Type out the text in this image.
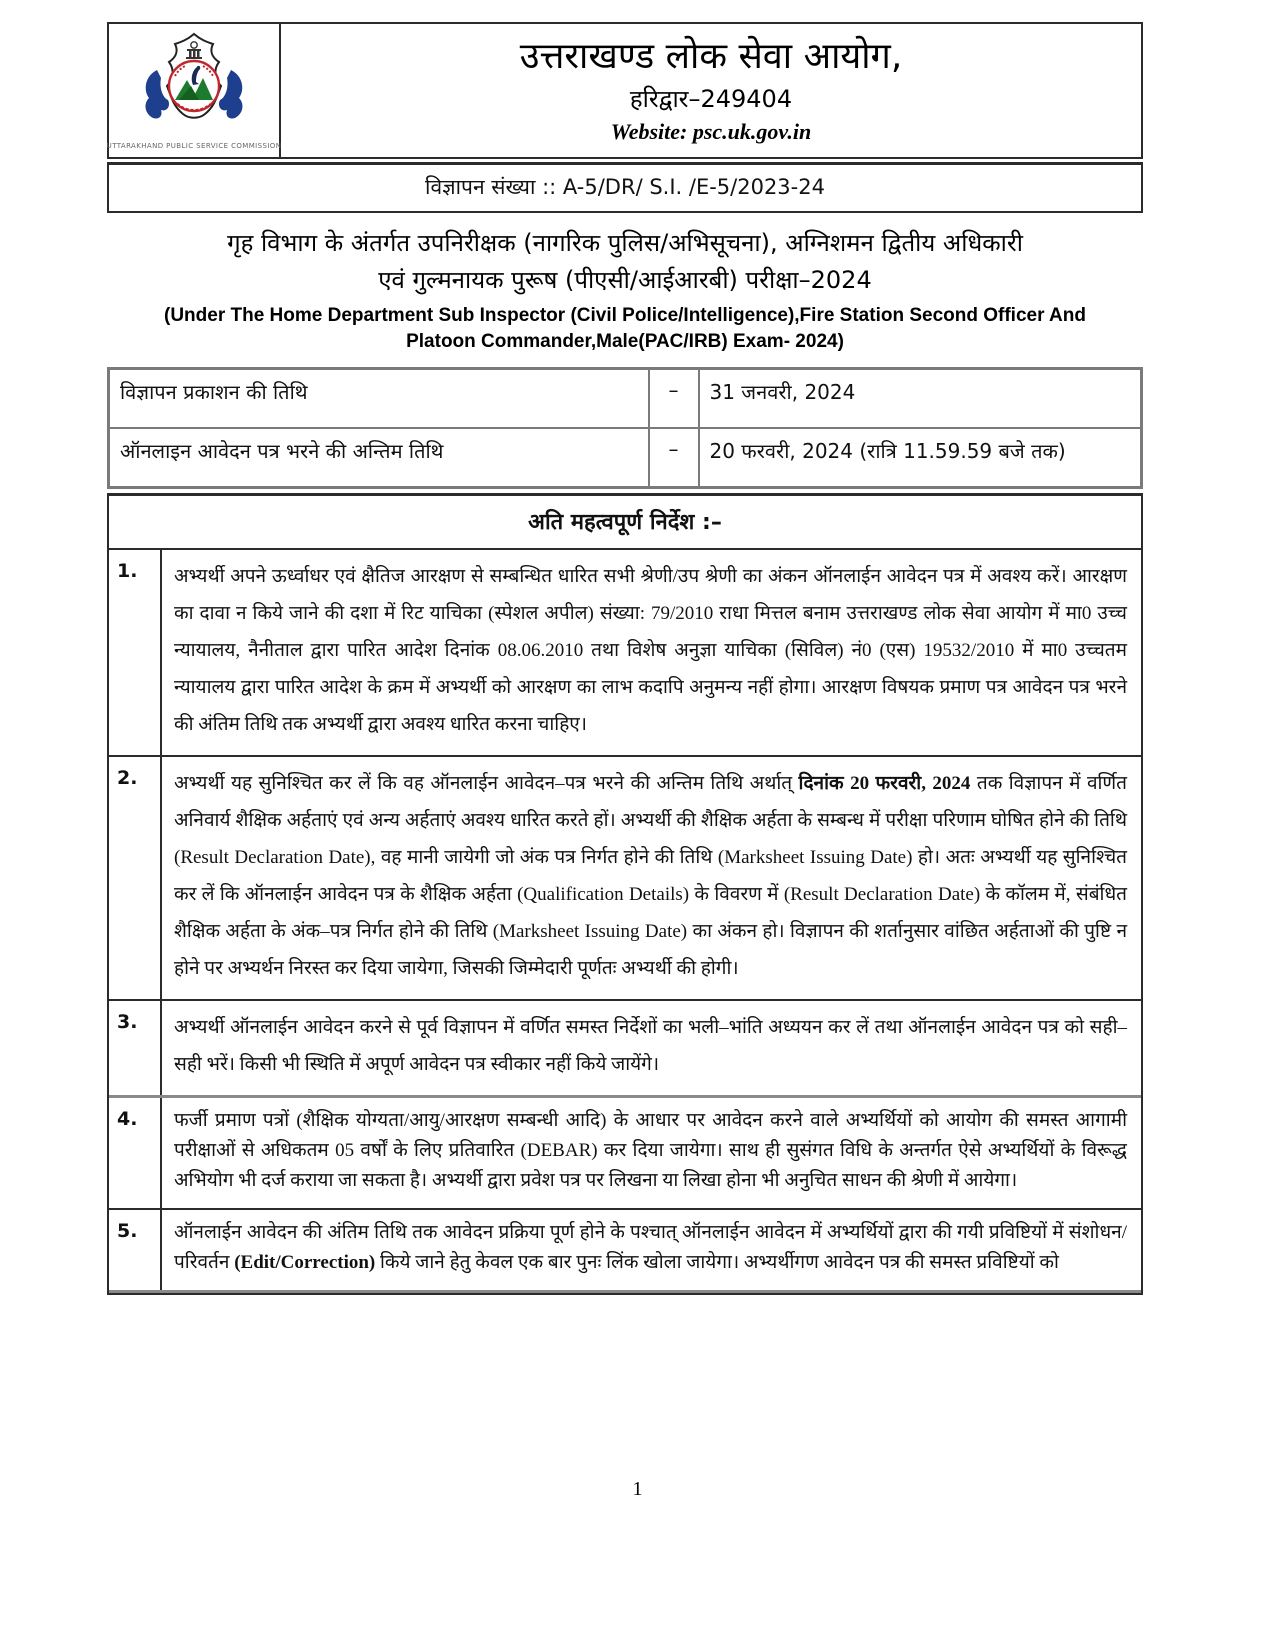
UTTARAKHAND PUBLIC SERVICE COMMISSION
उत्तराखण्ड लोक सेवा आयोग,
हरिद्वार–249404
Website: psc.uk.gov.in
विज्ञापन संख्या :: A-5/DR/ S.I. /E-5/2023-24
गृह विभाग के अंतर्गत उपनिरीक्षक (नागरिक पुलिस/अभिसूचना), अग्निशमन द्वितीय अधिकारी
एवं गुल्मनायक पुरूष (पीएसी/आईआरबी) परीक्षा–2024
(Under The Home Department Sub Inspector (Civil Police/Intelligence),Fire Station Second Officer And Platoon Commander,Male(PAC/IRB) Exam- 2024)
विज्ञापन प्रकाशन की तिथि	–	31 जनवरी, 2024
ऑनलाइन आवेदन पत्र भरने की अन्तिम तिथि	–	20 फरवरी, 2024 (रात्रि 11.59.59 बजे तक)
अति महत्वपूर्ण निर्देश :–
1.	अभ्यर्थी अपने ऊर्ध्वाधर एवं क्षैतिज आरक्षण से सम्बन्धित धारित सभी श्रेणी/उप श्रेणी का अंकन ऑनलाईन आवेदन पत्र में अवश्य करें। आरक्षण का दावा न किये जाने की दशा में रिट याचिका (स्पेशल अपील) संख्या: 79/2010 राधा मित्तल बनाम उत्तराखण्ड लोक सेवा आयोग में मा0 उच्च न्यायालय, नैनीताल द्वारा पारित आदेश दिनांक 08.06.2010 तथा विशेष अनुज्ञा याचिका (सिविल) नं0 (एस) 19532/2010 में मा0 उच्चतम न्यायालय द्वारा पारित आदेश के क्रम में अभ्यर्थी को आरक्षण का लाभ कदापि अनुमन्य नहीं होगा। आरक्षण विषयक प्रमाण पत्र आवेदन पत्र भरने की अंतिम तिथि तक अभ्यर्थी द्वारा अवश्य धारित करना चाहिए।
2.	अभ्यर्थी यह सुनिश्चित कर लें कि वह ऑनलाईन आवेदन–पत्र भरने की अन्तिम तिथि अर्थात् दिनांक 20 फरवरी, 2024 तक विज्ञापन में वर्णित अनिवार्य शैक्षिक अर्हताएं एवं अन्य अर्हताएं अवश्य धारित करते हों। अभ्यर्थी की शैक्षिक अर्हता के सम्बन्ध में परीक्षा परिणाम घोषित होने की तिथि (Result Declaration Date), वह मानी जायेगी जो अंक पत्र निर्गत होने की तिथि (Marksheet Issuing Date) हो। अतः अभ्यर्थी यह सुनिश्चित कर लें कि ऑनलाईन आवेदन पत्र के शैक्षिक अर्हता (Qualification Details) के विवरण में (Result Declaration Date) के कॉलम में, संबंधित शैक्षिक अर्हता के अंक–पत्र निर्गत होने की तिथि (Marksheet Issuing Date) का अंकन हो। विज्ञापन की शर्तानुसार वांछित अर्हताओं की पुष्टि न होने पर अभ्यर्थन निरस्त कर दिया जायेगा, जिसकी जिम्मेदारी पूर्णतः अभ्यर्थी की होगी।
3.	अभ्यर्थी ऑनलाईन आवेदन करने से पूर्व विज्ञापन में वर्णित समस्त निर्देशों का भली–भांति अध्ययन कर लें तथा ऑनलाईन आवेदन पत्र को सही–सही भरें। किसी भी स्थिति में अपूर्ण आवेदन पत्र स्वीकार नहीं किये जायेंगे।
4.	फर्जी प्रमाण पत्रों (शैक्षिक योग्यता/आयु/आरक्षण सम्बन्धी आदि) के आधार पर आवेदन करने वाले अभ्यर्थियों को आयोग की समस्त आगामी परीक्षाओं से अधिकतम 05 वर्षों के लिए प्रतिवारित (DEBAR) कर दिया जायेगा। साथ ही सुसंगत विधि के अन्तर्गत ऐसे अभ्यर्थियों के विरूद्ध अभियोग भी दर्ज कराया जा सकता है। अभ्यर्थी द्वारा प्रवेश पत्र पर लिखना या लिखा होना भी अनुचित साधन की श्रेणी में आयेगा।
5.	ऑनलाईन आवेदन की अंतिम तिथि तक आवेदन प्रक्रिया पूर्ण होने के पश्चात् ऑनलाईन आवेदन में अभ्यर्थियों द्वारा की गयी प्रविष्टियों में संशोधन/परिवर्तन (Edit/Correction) किये जाने हेतु केवल एक बार पुनः लिंक खोला जायेगा। अभ्यर्थीगण आवेदन पत्र की समस्त प्रविष्टियों को
1
